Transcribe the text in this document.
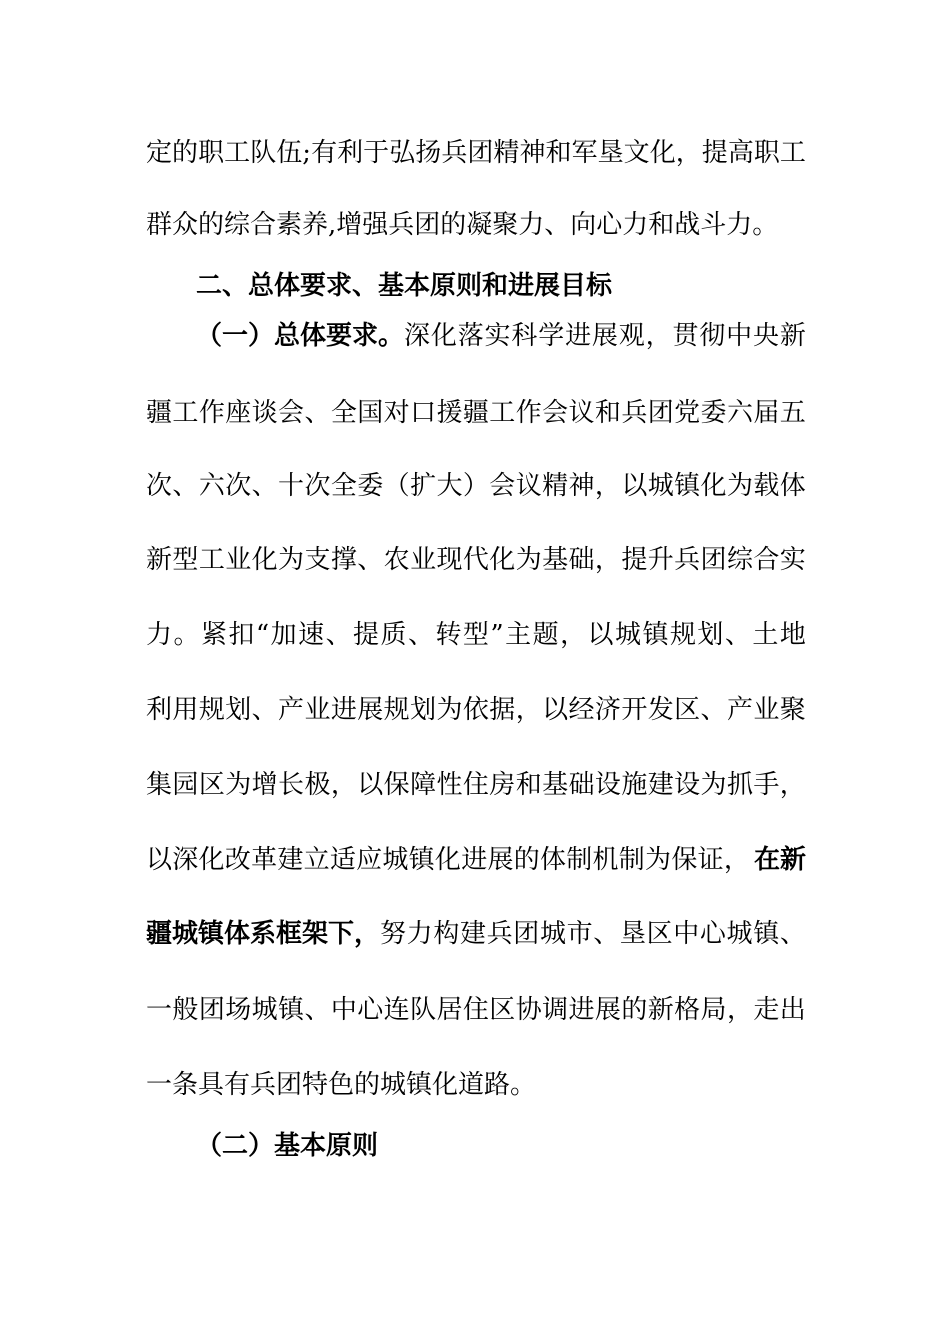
定 的 职 工 队 伍 ; 有 利 于 弘 扬 兵 团 精 神 和 军 垦 文 化 ， 提 高 职 工
群众的综合素养,增强兵团的凝聚力、向心力和战斗力。
二、总体要求、基本原则和进展目标
（一）总体要求。 深 化 落 实 科 学 进 展 观 ， 贯 彻 中 央 新
疆 工 作 座 谈 会 、 全 国 对 口 援 疆 工 作 会 议 和 兵 团 党 委 六 届 五
次 、 六 次 、 十 次 全 委 （ 扩 大 ） 会 议 精 神 ， 以 城 镇 化 为 载 体
新 型 工 业 化 为 支 撑 、 农 业 现 代 化 为 基 础 ， 提 升 兵 团 综 合 实
力 。 紧 扣 “ 加 速 、 提 质 、 转 型 ” 主 题 ， 以 城 镇 规 划 、 土 地
利 用 规 划 、 产 业 进 展 规 划 为 依 据 ， 以 经 济 开 发 区 、 产 业 聚
集 园 区 为 增 长 极 ， 以 保 障 性 住 房 和 基 础 设 施 建 设 为 抓 手 ，
以 深 化 改 革 建 立 适 应 城 镇 化 进 展 的 体 制 机 制 为 保 证 ， 在新
疆城镇体系框架下， 努 力 构 建 兵 团 城 市 、 垦 区 中 心 城 镇 、
一 般 团 场 城 镇 、 中 心 连 队 居 住 区 协 调 进 展 的 新 格 局 ， 走 出
一条具有兵团特色的城镇化道路。
（二）基本原则
